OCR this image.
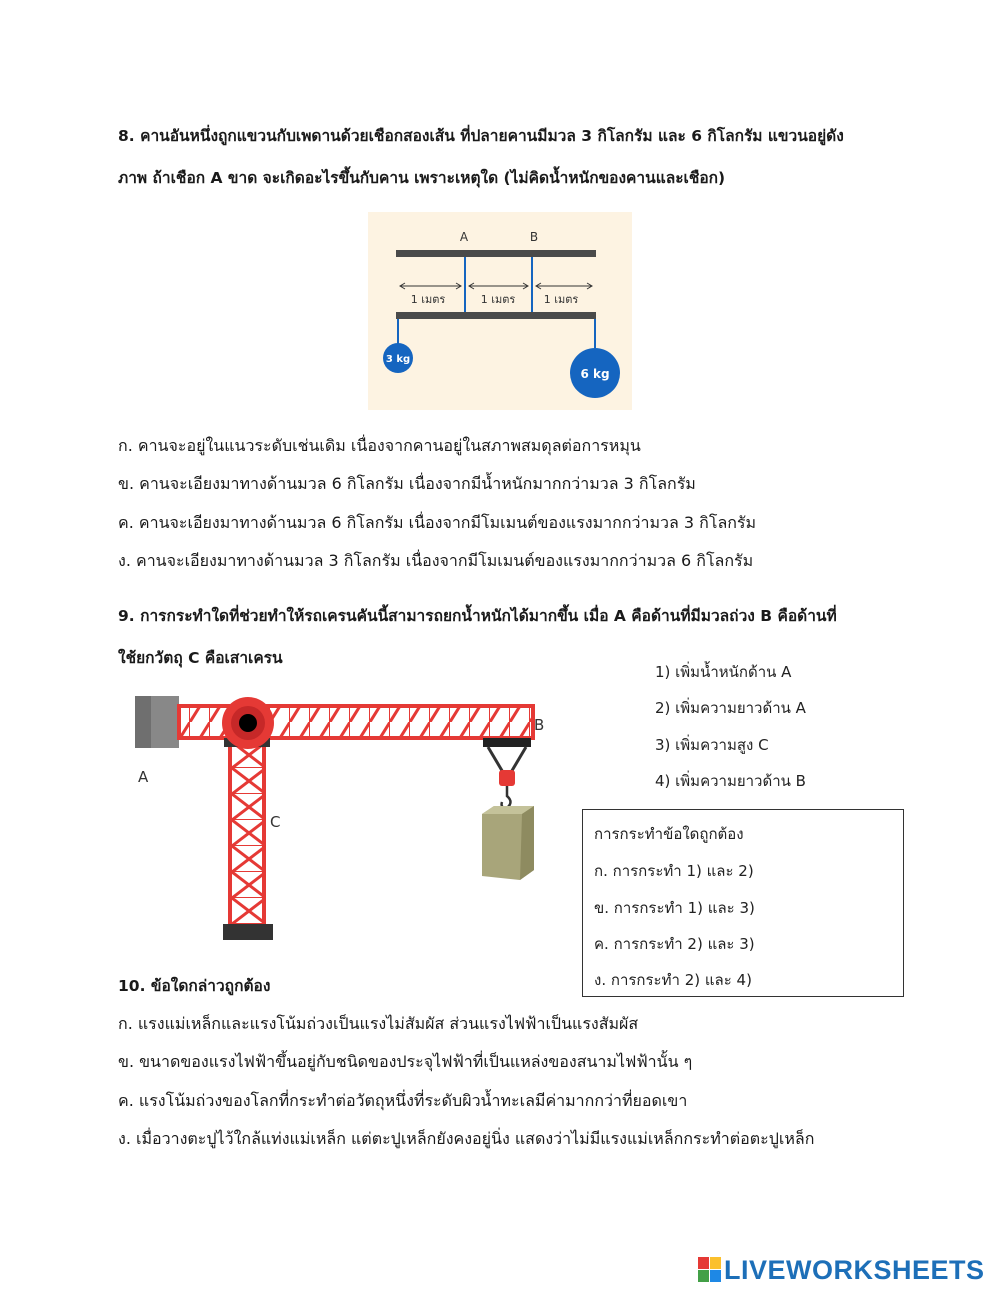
8. คานอันหนึ่งถูกแขวนกับเพดานด้วยเชือกสองเส้น ที่ปลายคานมีมวล 3 กิโลกรัม และ 6 กิโลกรัม แขวนอยู่ดัง
ภาพ ถ้าเชือก A ขาด จะเกิดอะไรขึ้นกับคาน เพราะเหตุใด (ไม่คิดน้ำหนักของคานและเชือก)
A	B
1 เมตร	1 เมตร	1 เมตร
3 kg
6 kg
ก. คานจะอยู่ในแนวระดับเช่นเดิม เนื่องจากคานอยู่ในสภาพสมดุลต่อการหมุน
ข. คานจะเอียงมาทางด้านมวล 6 กิโลกรัม เนื่องจากมีน้ำหนักมากกว่ามวล 3 กิโลกรัม
ค. คานจะเอียงมาทางด้านมวล 6 กิโลกรัม เนื่องจากมีโมเมนต์ของแรงมากกว่ามวล 3 กิโลกรัม
ง. คานจะเอียงมาทางด้านมวล 3 กิโลกรัม เนื่องจากมีโมเมนต์ของแรงมากกว่ามวล 6 กิโลกรัม
9. การกระทำใดที่ช่วยทำให้รถเครนคันนี้สามารถยกน้ำหนักได้มากขึ้น เมื่อ A คือด้านที่มีมวลถ่วง B คือด้านที่
ใช้ยกวัตถุ C คือเสาเครน
A
B
C
1) เพิ่มน้ำหนักด้าน A
2) เพิ่มความยาวด้าน A
3) เพิ่มความสูง C
4) เพิ่มความยาวด้าน B
การกระทำข้อใดถูกต้อง
ก. การกระทำ 1) และ 2)
ข. การกระทำ 1) และ 3)
ค. การกระทำ 2) และ 3)
ง. การกระทำ 2) และ 4)
10. ข้อใดกล่าวถูกต้อง
ก. แรงแม่เหล็กและแรงโน้มถ่วงเป็นแรงไม่สัมผัส ส่วนแรงไฟฟ้าเป็นแรงสัมผัส
ข. ขนาดของแรงไฟฟ้าขึ้นอยู่กับชนิดของประจุไฟฟ้าที่เป็นแหล่งของสนามไฟฟ้านั้น ๆ
ค. แรงโน้มถ่วงของโลกที่กระทำต่อวัตถุหนึ่งที่ระดับผิวน้ำทะเลมีค่ามากกว่าที่ยอดเขา
ง. เมื่อวางตะปูไว้ใกล้แท่งแม่เหล็ก แต่ตะปูเหล็กยังคงอยู่นิ่ง แสดงว่าไม่มีแรงแม่เหล็กกระทำต่อตะปูเหล็ก
LIVEWORKSHEETS
